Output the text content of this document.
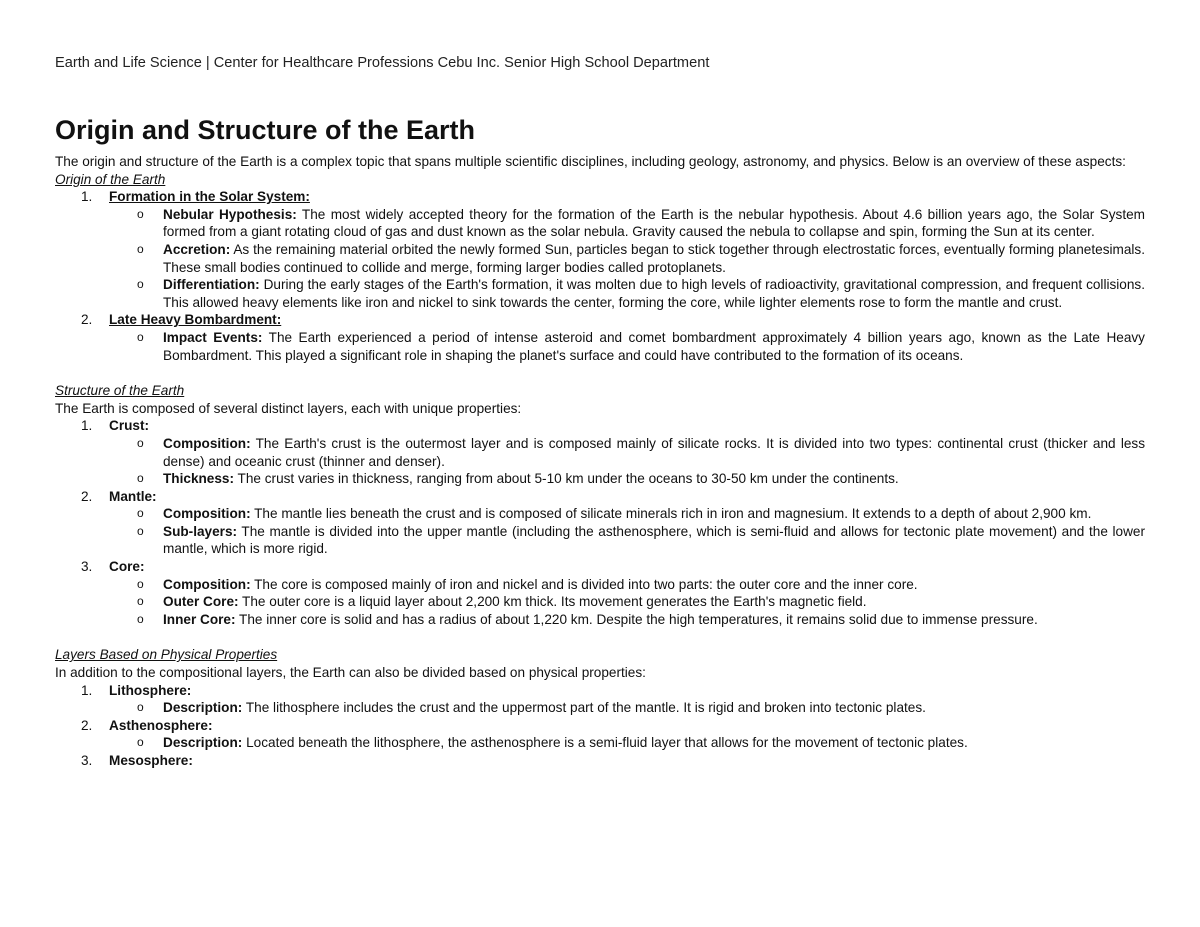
Earth and Life Science | Center for Healthcare Professions Cebu Inc. Senior High School Department
Origin and Structure of the Earth

The origin and structure of the Earth is a complex topic that spans multiple scientific disciplines, including geology, astronomy, and physics. Below is an overview of these aspects:

Origin of the Earth

1. Formation in the Solar System:
o Nebular Hypothesis: The most widely accepted theory for the formation of the Earth is the nebular hypothesis. About 4.6 billion years ago, the Solar System formed from a giant rotating cloud of gas and dust known as the solar nebula. Gravity caused the nebula to collapse and spin, forming the Sun at its center.
o Accretion: As the remaining material orbited the newly formed Sun, particles began to stick together through electrostatic forces, eventually forming planetesimals. These small bodies continued to collide and merge, forming larger bodies called protoplanets.
o Differentiation: During the early stages of the Earth's formation, it was molten due to high levels of radioactivity, gravitational compression, and frequent collisions. This allowed heavy elements like iron and nickel to sink towards the center, forming the core, while lighter elements rose to form the mantle and crust.
2. Late Heavy Bombardment:
o Impact Events: The Earth experienced a period of intense asteroid and comet bombardment approximately 4 billion years ago, known as the Late Heavy Bombardment. This played a significant role in shaping the planet's surface and could have contributed to the formation of its oceans.

Structure of the Earth

The Earth is composed of several distinct layers, each with unique properties:

1. Crust:
o Composition: The Earth's crust is the outermost layer and is composed mainly of silicate rocks. It is divided into two types: continental crust (thicker and less dense) and oceanic crust (thinner and denser).
o Thickness: The crust varies in thickness, ranging from about 5-10 km under the oceans to 30-50 km under the continents.
2. Mantle:
o Composition: The mantle lies beneath the crust and is composed of silicate minerals rich in iron and magnesium. It extends to a depth of about 2,900 km.
o Sub-layers: The mantle is divided into the upper mantle (including the asthenosphere, which is semi-fluid and allows for tectonic plate movement) and the lower mantle, which is more rigid.
3. Core:
o Composition: The core is composed mainly of iron and nickel and is divided into two parts: the outer core and the inner core.
o Outer Core: The outer core is a liquid layer about 2,200 km thick. Its movement generates the Earth's magnetic field.
o Inner Core: The inner core is solid and has a radius of about 1,220 km. Despite the high temperatures, it remains solid due to immense pressure.

Layers Based on Physical Properties

In addition to the compositional layers, the Earth can also be divided based on physical properties:

1. Lithosphere:
o Description: The lithosphere includes the crust and the uppermost part of the mantle. It is rigid and broken into tectonic plates.
2. Asthenosphere:
o Description: Located beneath the lithosphere, the asthenosphere is a semi-fluid layer that allows for the movement of tectonic plates.
3. Mesosphere:
